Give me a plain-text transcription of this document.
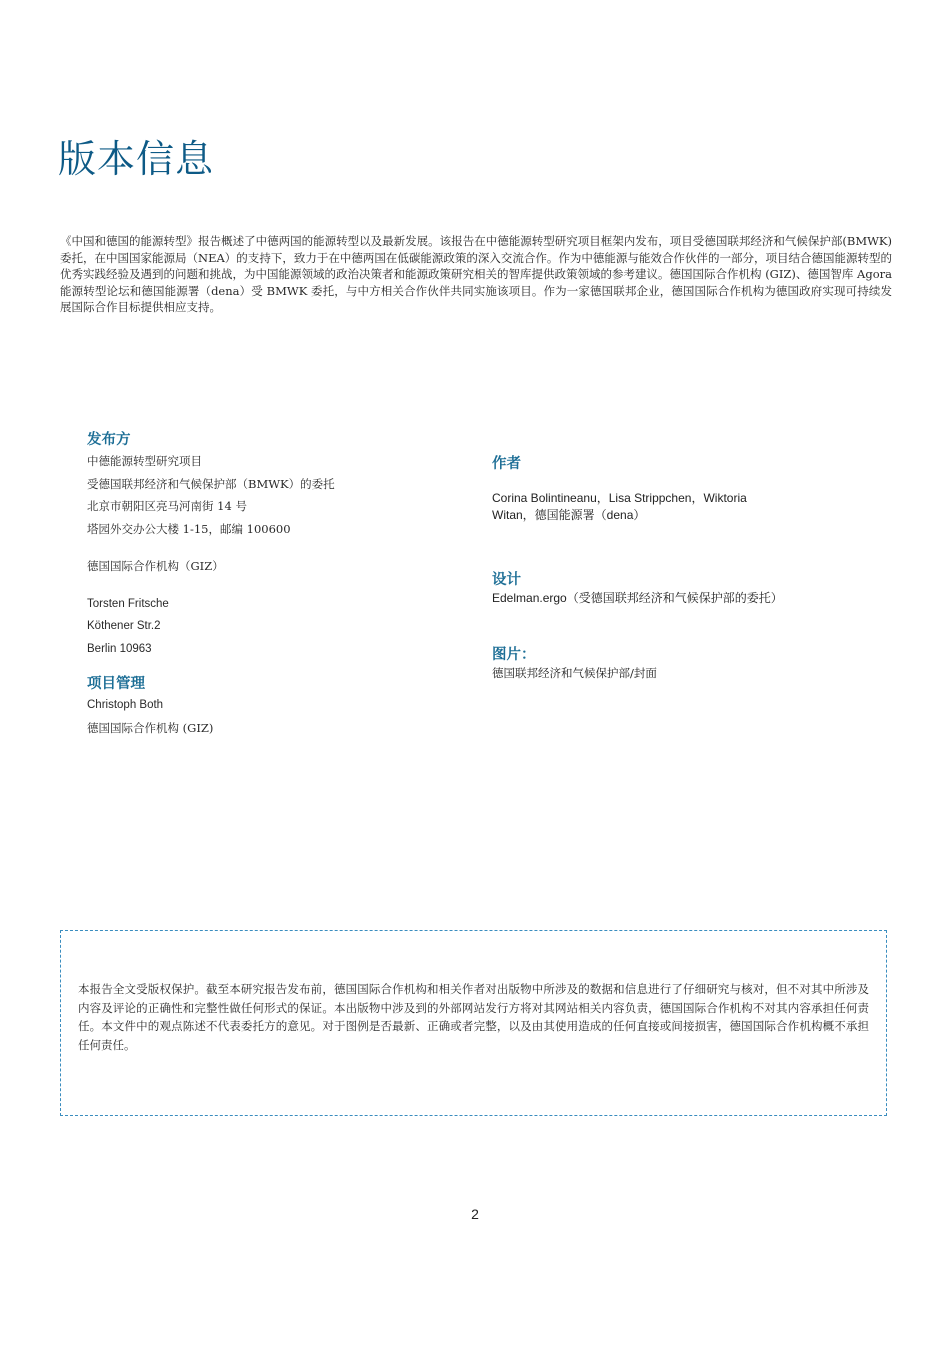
版本信息

《中国和德国的能源转型》报告概述了中德两国的能源转型以及最新发展。该报告在中德能源转型研究项目框架内发布，项目受德国联邦经济和气候保护部(BMWK)委托，在中国国家能源局（NEA）的支持下，致力于在中德两国在低碳能源政策的深入交流合作。作为中德能源与能效合作伙伴的一部分，项目结合德国能源转型的优秀实践经验及遇到的问题和挑战，为中国能源领域的政治决策者和能源政策研究相关的智库提供政策领域的参考建议。德国国际合作机构 (GIZ)、德国智库 Agora 能源转型论坛和德国能源署（dena）受 BMWK 委托，与中方相关合作伙伴共同实施该项目。作为一家德国联邦企业，德国国际合作机构为德国政府实现可持续发展国际合作目标提供相应支持。

发布方

中德能源转型研究项目

受德国联邦经济和气候保护部（BMWK）的委托

北京市朝阳区亮马河南街 14 号

塔园外交办公大楼 1-15，邮编 100600

德国国际合作机构（GIZ）

Torsten Fritsche

Köthener Str.2

Berlin 10963

项目管理

Christoph Both

德国国际合作机构 (GIZ)

作者

Corina Bolintineanu，Lisa Strippchen，Wiktoria Witan，德国能源署（dena）

设计

Edelman.ergo（受德国联邦经济和气候保护部的委托）

图片：

德国联邦经济和气候保护部/封面

本报告全文受版权保护。截至本研究报告发布前，德国国际合作机构和相关作者对出版物中所涉及的数据和信息进行了仔细研究与核对，但不对其中所涉及内容及评论的正确性和完整性做任何形式的保证。本出版物中涉及到的外部网站发行方将对其网站相关内容负责，德国国际合作机构不对其内容承担任何责任。本文件中的观点陈述不代表委托方的意见。对于图例是否最新、正确或者完整，以及由其使用造成的任何直接或间接损害，德国国际合作机构概不承担任何责任。

2
